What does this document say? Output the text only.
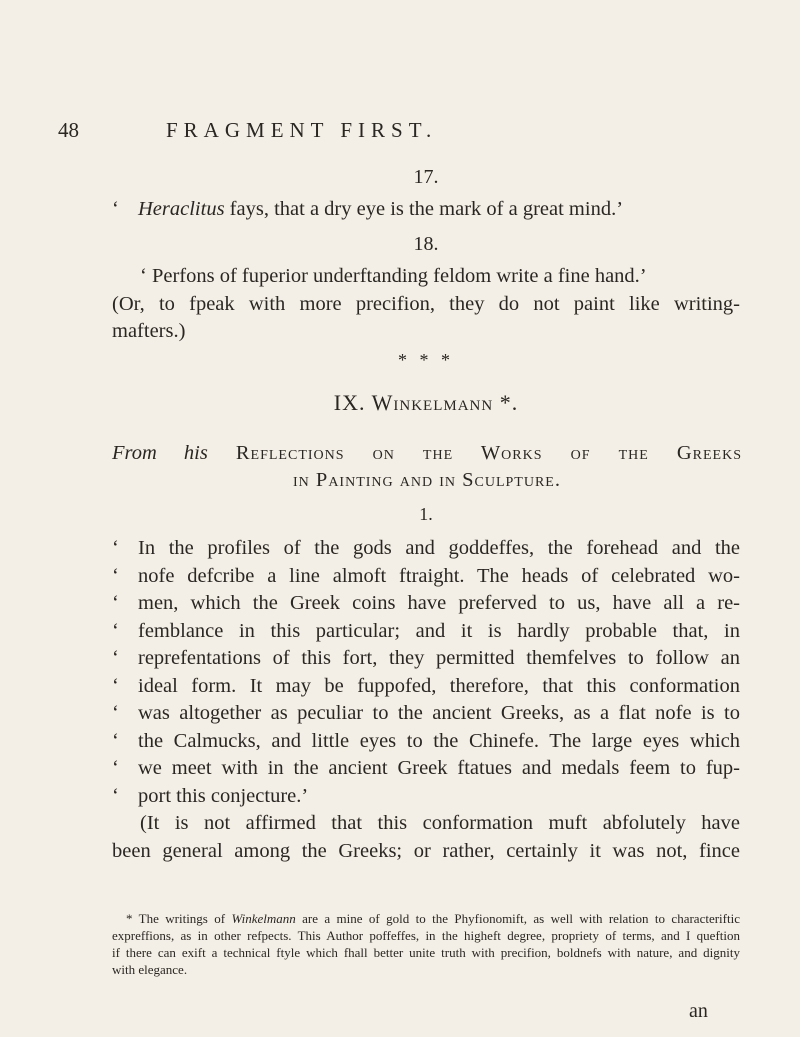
48	FRAGMENT FIRST.
17.
‘ Heraclitus fays, that a dry eye is the mark of a great mind.’
18.
‘ Perfons of fuperior underftanding feldom write a fine hand.’
(Or, to fpeak with more precifion, they do not paint like writing-
mafters.)
* * *
IX. Winkelmann *.
From his Reflections on the Works of the Greeks
in Painting and in Sculpture.
1.
‘ In the profiles of the gods and goddeffes, the forehead and the
‘ nofe defcribe a line almoft ftraight. The heads of celebrated wo-
‘ men, which the Greek coins have preferved to us, have all a re-
‘ femblance in this particular; and it is hardly probable that, in
‘ reprefentations of this fort, they permitted themfelves to follow an
‘ ideal form. It may be fuppofed, therefore, that this conformation
‘ was altogether as peculiar to the ancient Greeks, as a flat nofe is to
‘ the Calmucks, and little eyes to the Chinefe. The large eyes which
‘ we meet with in the ancient Greek ftatues and medals feem to fup-
‘ port this conjecture.’
(It is not affirmed that this conformation muft abfolutely have
been general among the Greeks; or rather, certainly it was not, fince
* The writings of Winkelmann are a mine of gold to the Phyfionomift, as well with relation to characteriftic
expreffions, as in other refpects. This Author poffeffes, in the higheft degree, propriety of terms, and I queftion
if there can exift a technical ftyle which fhall better unite truth with precifion, boldnefs with nature, and dignity
with elegance.
an
